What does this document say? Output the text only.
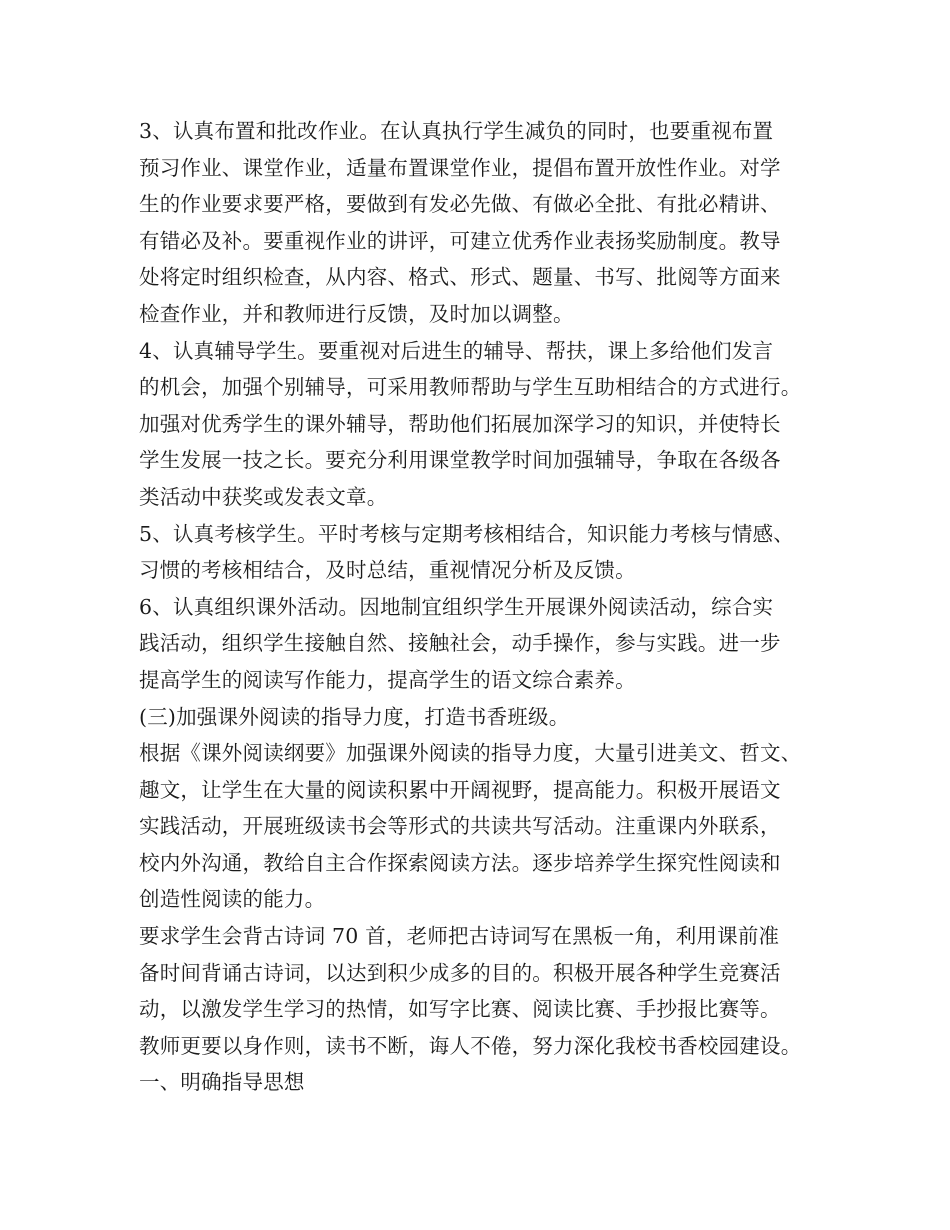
3、认真布置和批改作业。在认真执行学生减负的同时，也要重视布置
预习作业、课堂作业，适量布置课堂作业，提倡布置开放性作业。对学
生的作业要求要严格，要做到有发必先做、有做必全批、有批必精讲、
有错必及补。要重视作业的讲评，可建立优秀作业表扬奖励制度。教导
处将定时组织检查，从内容、格式、形式、题量、书写、批阅等方面来
检查作业，并和教师进行反馈，及时加以调整。
4、认真辅导学生。要重视对后进生的辅导、帮扶，课上多给他们发言
的机会，加强个别辅导，可采用教师帮助与学生互助相结合的方式进行。
加强对优秀学生的课外辅导，帮助他们拓展加深学习的知识，并使特长
学生发展一技之长。要充分利用课堂教学时间加强辅导，争取在各级各
类活动中获奖或发表文章。
5、认真考核学生。平时考核与定期考核相结合，知识能力考核与情感、
习惯的考核相结合，及时总结，重视情况分析及反馈。
6、认真组织课外活动。因地制宜组织学生开展课外阅读活动，综合实
践活动，组织学生接触自然、接触社会，动手操作，参与实践。进一步
提高学生的阅读写作能力，提高学生的语文综合素养。
(三)加强课外阅读的指导力度，打造书香班级。
根据《课外阅读纲要》加强课外阅读的指导力度，大量引进美文、哲文、
趣文，让学生在大量的阅读积累中开阔视野，提高能力。积极开展语文
实践活动，开展班级读书会等形式的共读共写活动。注重课内外联系，
校内外沟通，教给自主合作探索阅读方法。逐步培养学生探究性阅读和
创造性阅读的能力。
要求学生会背古诗词 70 首，老师把古诗词写在黑板一角，利用课前准
备时间背诵古诗词，以达到积少成多的目的。积极开展各种学生竞赛活
动，以激发学生学习的热情，如写字比赛、阅读比赛、手抄报比赛等。
教师更要以身作则，读书不断，诲人不倦，努力深化我校书香校园建设。
一、明确指导思想
